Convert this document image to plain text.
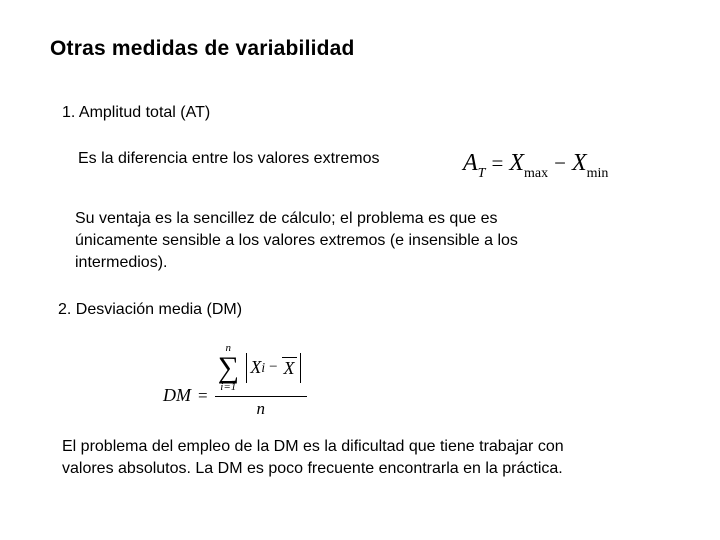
Otras medidas de variabilidad
1. Amplitud total (AT)
Es la diferencia entre los valores extremos	$A_T = X_{max} - X_{min}$
Su ventaja es la sencillez de cálculo; el problema es que es
únicamente sensible a los valores extremos (e insensible a los
intermedios).
2. Desviación media (DM)
DM =
n
∑
i=1
X i − X
n
El problema del empleo de la DM es la dificultad que tiene trabajar con
valores absolutos. La DM es poco frecuente encontrarla en la práctica.
